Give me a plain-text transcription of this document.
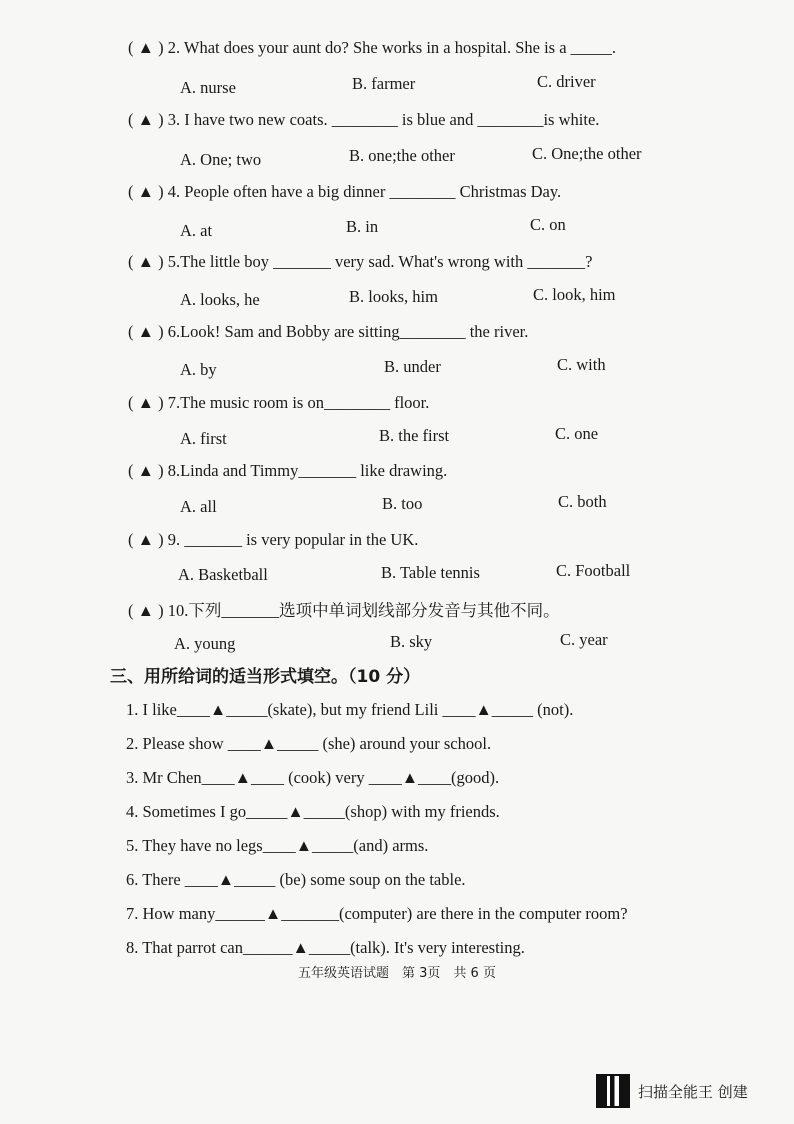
( ▲ ) 2. What does your aunt do? She works in a hospital. She is a _____.
A. nurse	B. farmer	C. driver
( ▲ ) 3. I have two new coats. ________ is blue and ________is white.
A. One; two	B. one;the other	C. One;the other
( ▲ ) 4. People often have a big dinner ________ Christmas Day.
A. at	B. in	C. on
( ▲ ) 5.The little boy _______ very sad. What's wrong with _______?
A. looks, he	B. looks, him	C. look, him
( ▲ ) 6.Look! Sam and Bobby are sitting________ the river.
A. by	B. under	C. with
( ▲ ) 7.The music room is on________ floor.
A. first	B. the first	C. one
( ▲ ) 8.Linda and Timmy_______ like drawing.
A. all	B. too	C. both
( ▲ ) 9. _______ is very popular in the UK.
A. Basketball	B. Table tennis	C. Football
( ▲ ) 10.下列_______选项中单词划线部分发音与其他不同。
A. young	B. sky	C. year
三、用所给词的适当形式填空。（10 分）
1. I like____▲_____(skate), but my friend Lili ____▲_____ (not).
2. Please show ____▲_____ (she) around your school.
3. Mr Chen____▲____ (cook) very ____▲____(good).
4. Sometimes I go_____▲_____(shop) with my friends.
5. They have no legs____▲_____(and) arms.
6. There ____▲_____ (be) some soup on the table.
7. How many______▲_______(computer) are there in the computer room?
8. That parrot can______▲_____(talk). It's very interesting.
五年级英语试题　第 3页　共 6 页
扫描全能王 创建
